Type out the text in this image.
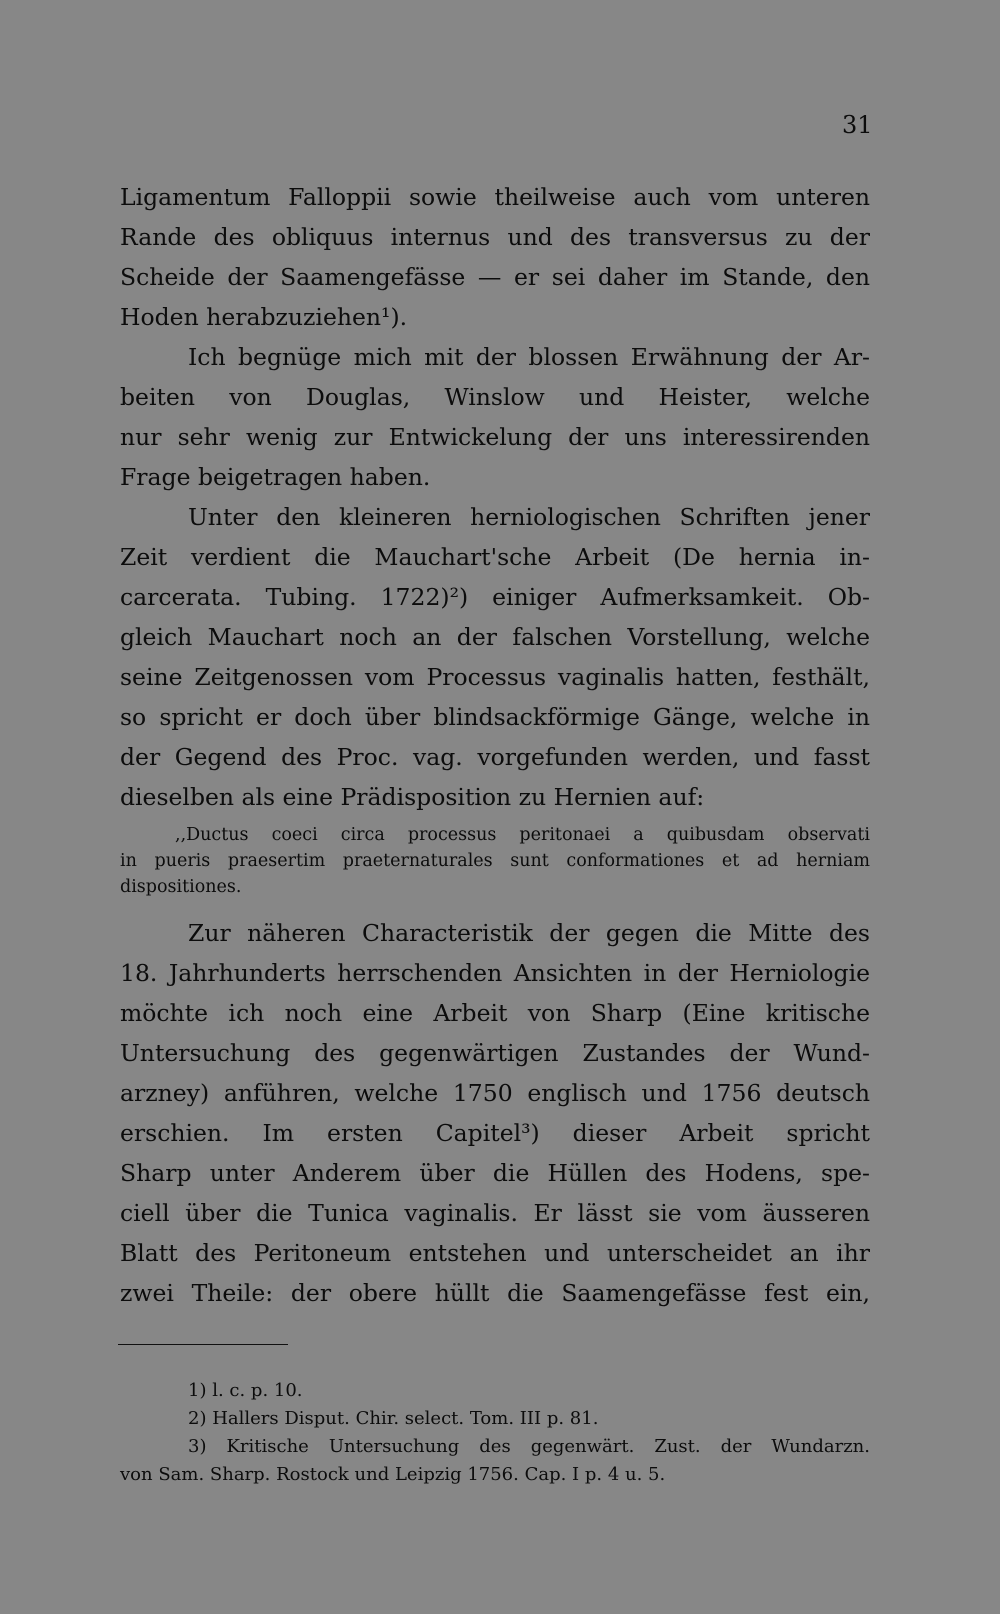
31
Ligamentum Falloppii sowie theilweise auch vom unteren
Rande des obliquus internus und des transversus zu der
Scheide der Saamengefässe — er sei daher im Stande, den
Hoden herabzuziehen¹).
Ich begnüge mich mit der blossen Erwähnung der Ar-
beiten von Douglas, Winslow und Heister, welche
nur sehr wenig zur Entwickelung der uns interessirenden
Frage beigetragen haben.
Unter den kleineren herniologischen Schriften jener
Zeit verdient die Mauchart'sche Arbeit (De hernia in-
carcerata. Tubing. 1722)²) einiger Aufmerksamkeit. Ob-
gleich Mauchart noch an der falschen Vorstellung, welche
seine Zeitgenossen vom Processus vaginalis hatten, festhält,
so spricht er doch über blindsackförmige Gänge, welche in
der Gegend des Proc. vag. vorgefunden werden, und fasst
dieselben als eine Prädisposition zu Hernien auf:
,,Ductus coeci circa processus peritonaei a quibusdam observati
in pueris praesertim praeternaturales sunt conformationes et ad herniam
dispositiones.
Zur näheren Characteristik der gegen die Mitte des
18. Jahrhunderts herrschenden Ansichten in der Herniologie
möchte ich noch eine Arbeit von Sharp (Eine kritische
Untersuchung des gegenwärtigen Zustandes der Wund-
arzney) anführen, welche 1750 englisch und 1756 deutsch
erschien. Im ersten Capitel³) dieser Arbeit spricht
Sharp unter Anderem über die Hüllen des Hodens, spe-
ciell über die Tunica vaginalis. Er lässt sie vom äusseren
Blatt des Peritoneum entstehen und unterscheidet an ihr
zwei Theile: der obere hüllt die Saamengefässe fest ein,
1) l. c. p. 10.
2) Hallers Disput. Chir. select. Tom. III p. 81.
3) Kritische Untersuchung des gegenwärt. Zust. der Wundarzn.
von Sam. Sharp. Rostock und Leipzig 1756. Cap. I p. 4 u. 5.
